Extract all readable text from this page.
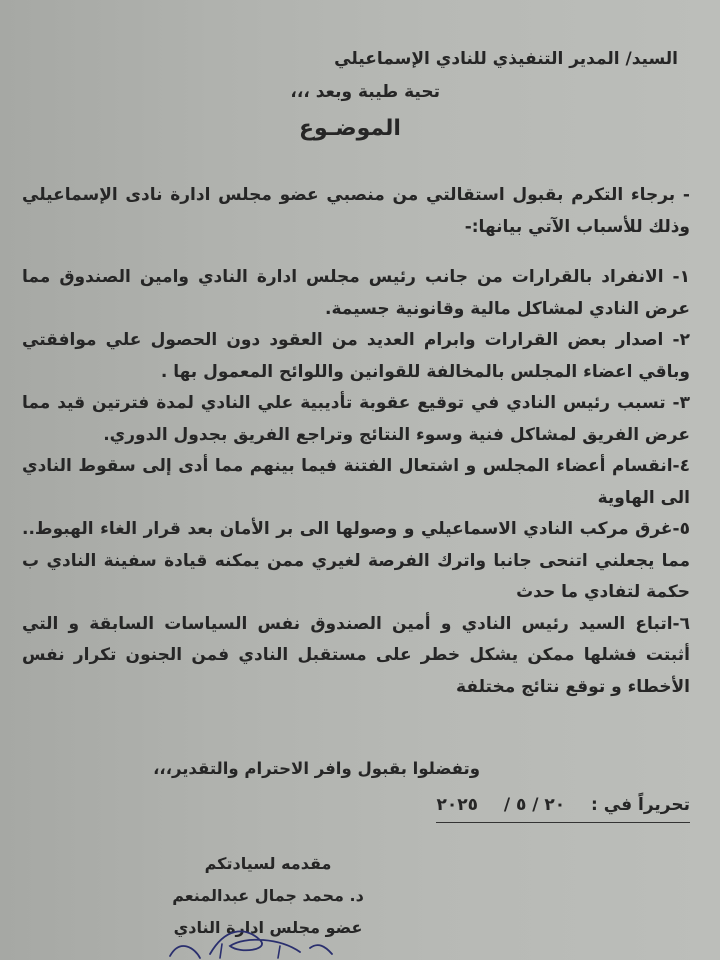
السيد/ المدير التنفيذي للنادي الإسماعيلي
تحية طيبة وبعد ،،،
الموضـوع
- برجاء التكرم بقبول استقالتي من منصبي عضو مجلس ادارة نادى الإسماعيلي وذلك للأسباب الآتي بيانها:-
١- الانفراد بالقرارات من جانب رئيس مجلس ادارة النادي وامين الصندوق مما عرض النادي لمشاكل مالية وقانونية جسيمة.
٢- اصدار بعض القرارات وابرام العديد من العقود دون الحصول علي موافقتي وباقي اعضاء المجلس بالمخالفة للقوانين واللوائح المعمول بها .
٣- تسبب رئيس النادي في توقيع عقوبة تأديبية علي النادي لمدة فترتين قيد مما عرض الفريق لمشاكل فنية وسوء النتائج وتراجع الفريق بجدول الدوري.
٤-انقسام أعضاء المجلس و اشتعال الفتنة فيما بينهم مما أدى إلى سقوط النادي الى الهاوية
٥-غرق مركب النادي الاسماعيلي و وصولها الى بر الأمان بعد قرار الغاء الهبوط.. مما يجعلني اتنحى جانبا واترك الفرصة لغيري ممن يمكنه قيادة سفينة النادي ب حكمة لتفادي ما حدث
٦-اتباع السيد رئيس النادي و أمين الصندوق نفس السياسات السابقة و التي أثبتت فشلها ممكن يشكل خطر على مستقبل النادي فمن الجنون تكرار نفس الأخطاء و توقع نتائج مختلفة
وتفضلوا بقبول وافر الاحترام والتقدير،،،
تحريراً في :  ٢٠ / ٥ /  ٢٠٢٥
مقدمه لسيادتكم
د. محمد جمال عبدالمنعم
عضو مجلس ادارة النادي
